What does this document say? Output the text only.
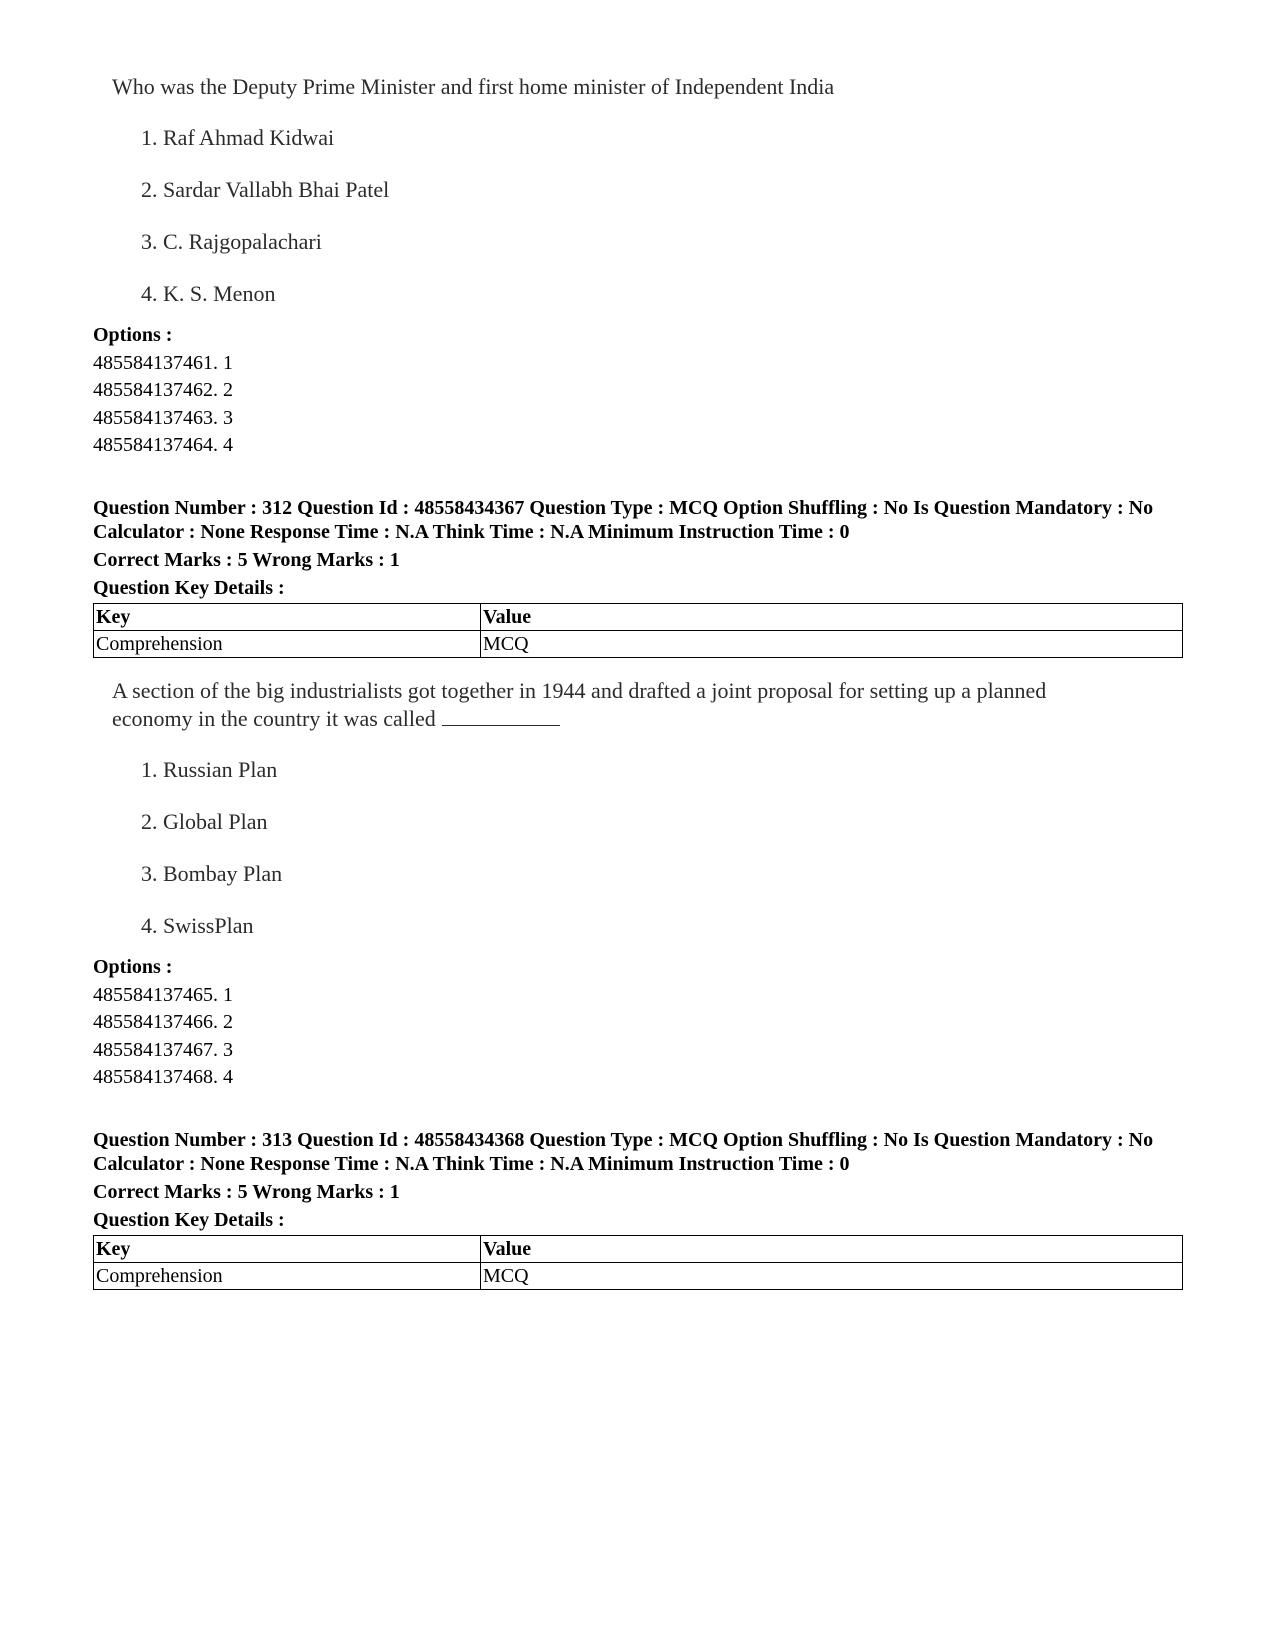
Who was the Deputy Prime Minister and first home minister of Independent India
1. Raf Ahmad Kidwai
2. Sardar Vallabh Bhai Patel
3. C. Rajgopalachari
4. K. S. Menon
Options :
485584137461. 1
485584137462. 2
485584137463. 3
485584137464. 4
Question Number : 312 Question Id : 48558434367 Question Type : MCQ Option Shuffling : No Is Question Mandatory : No Calculator : None Response Time : N.A Think Time : N.A Minimum Instruction Time : 0
Correct Marks : 5 Wrong Marks : 1
Question Key Details :
Key	Value
Comprehension	MCQ
A section of the big industrialists got together in 1944 and drafted a joint proposal for setting up a planned economy in the country it was called
1. Russian Plan
2. Global Plan
3. Bombay Plan
4. SwissPlan
Options :
485584137465. 1
485584137466. 2
485584137467. 3
485584137468. 4
Question Number : 313 Question Id : 48558434368 Question Type : MCQ Option Shuffling : No Is Question Mandatory : No Calculator : None Response Time : N.A Think Time : N.A Minimum Instruction Time : 0
Correct Marks : 5 Wrong Marks : 1
Question Key Details :
Key	Value
Comprehension	MCQ
